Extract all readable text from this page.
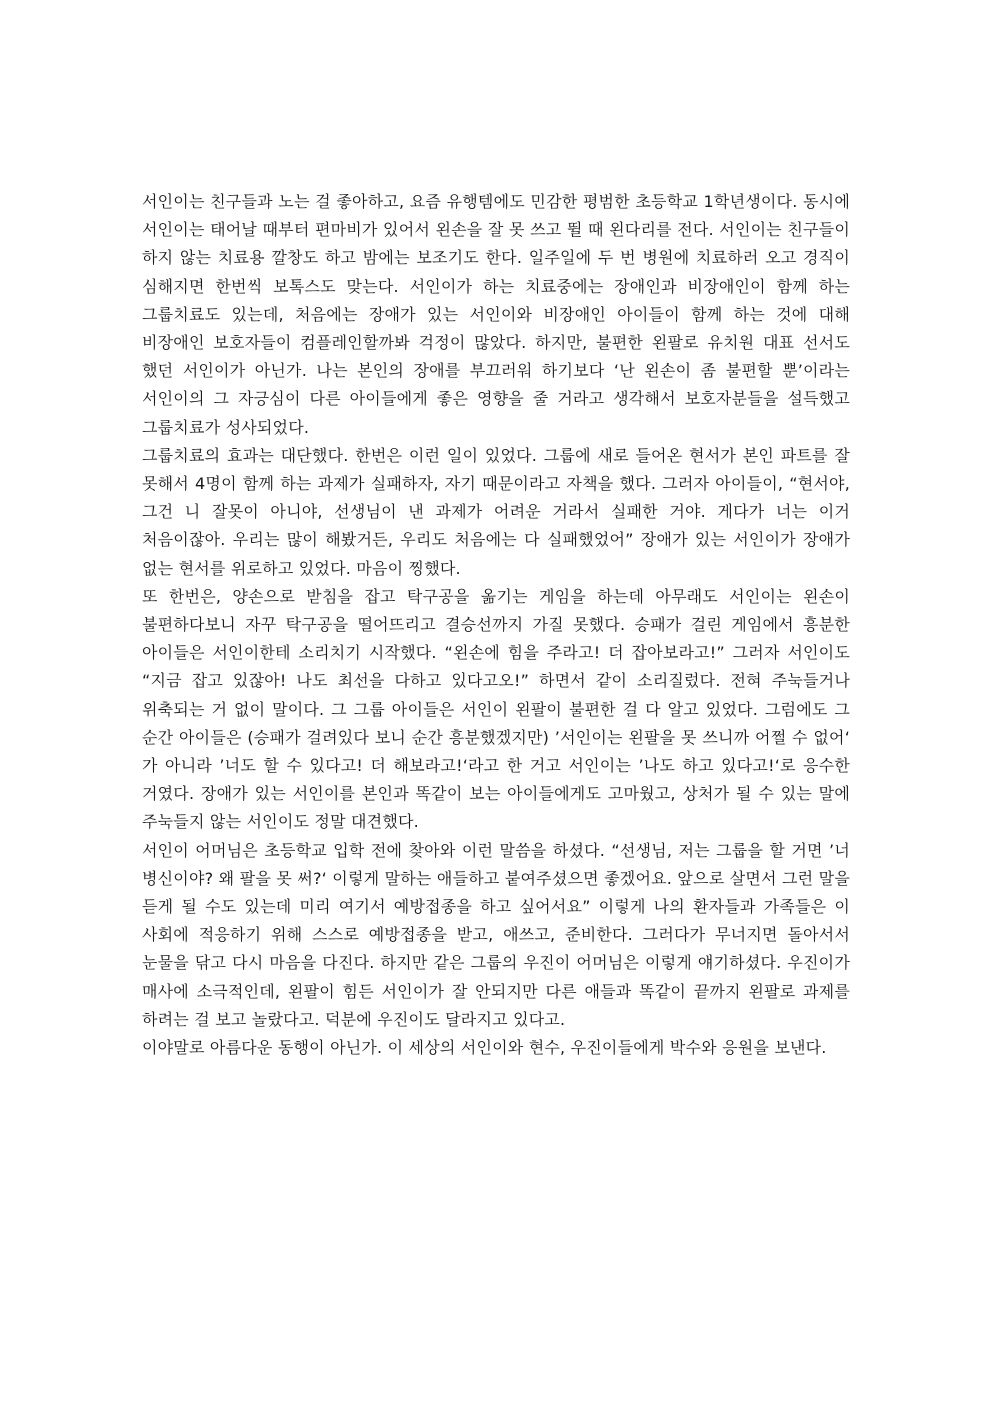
서인이는 친구들과 노는 걸 좋아하고, 요즘 유행템에도 민감한 평범한 초등학교 1학년생이다. 동시에 서인이는 태어날 때부터 편마비가 있어서 왼손을 잘 못 쓰고 뛸 때 왼다리를 전다. 서인이는 친구들이 하지 않는 치료용 깔창도 하고 밤에는 보조기도 한다. 일주일에 두 번 병원에 치료하러 오고 경직이 심해지면 한번씩 보톡스도 맞는다. 서인이가 하는 치료중에는 장애인과 비장애인이 함께 하는 그룹치료도 있는데, 처음에는 장애가 있는 서인이와 비장애인 아이들이 함께 하는 것에 대해 비장애인 보호자들이 컴플레인할까봐 걱정이 많았다. 하지만, 불편한 왼팔로 유치원 대표 선서도 했던 서인이가 아닌가. 나는 본인의 장애를 부끄러워 하기보다 ‘난 왼손이 좀 불편할 뿐’이라는 서인이의 그 자긍심이 다른 아이들에게 좋은 영향을 줄 거라고 생각해서 보호자분들을 설득했고 그룹치료가 성사되었다.

그룹치료의 효과는 대단했다. 한번은 이런 일이 있었다. 그룹에 새로 들어온 현서가 본인 파트를 잘 못해서 4명이 함께 하는 과제가 실패하자, 자기 때문이라고 자책을 했다. 그러자 아이들이, “현서야, 그건 니 잘못이 아니야, 선생님이 낸 과제가 어려운 거라서 실패한 거야. 게다가 너는 이거 처음이잖아. 우리는 많이 해봤거든, 우리도 처음에는 다 실패했었어” 장애가 있는 서인이가 장애가 없는 현서를 위로하고 있었다. 마음이 찡했다.

또 한번은, 양손으로 받침을 잡고 탁구공을 옮기는 게임을 하는데 아무래도 서인이는 왼손이 불편하다보니 자꾸 탁구공을 떨어뜨리고 결승선까지 가질 못했다. 승패가 걸린 게임에서 흥분한 아이들은 서인이한테 소리치기 시작했다. “왼손에 힘을 주라고! 더 잡아보라고!” 그러자 서인이도 “지금 잡고 있잖아! 나도 최선을 다하고 있다고오!” 하면서 같이 소리질렀다. 전혀 주눅들거나 위축되는 거 없이 말이다. 그 그룹 아이들은 서인이 왼팔이 불편한 걸 다 알고 있었다. 그럼에도 그 순간 아이들은 (승패가 걸려있다 보니 순간 흥분했겠지만) ’서인이는 왼팔을 못 쓰니까 어쩔 수 없어‘ 가 아니라 ’너도 할 수 있다고! 더 해보라고!‘라고 한 거고 서인이는 ’나도 하고 있다고!‘로 응수한 거였다. 장애가 있는 서인이를 본인과 똑같이 보는 아이들에게도 고마웠고, 상처가 될 수 있는 말에 주눅들지 않는 서인이도 정말 대견했다.

서인이 어머님은 초등학교 입학 전에 찾아와 이런 말씀을 하셨다. “선생님, 저는 그룹을 할 거면 ’너 병신이야? 왜 팔을 못 써?‘ 이렇게 말하는 애들하고 붙여주셨으면 좋겠어요. 앞으로 살면서 그런 말을 듣게 될 수도 있는데 미리 여기서 예방접종을 하고 싶어서요” 이렇게 나의 환자들과 가족들은 이 사회에 적응하기 위해 스스로 예방접종을 받고, 애쓰고, 준비한다. 그러다가 무너지면 돌아서서 눈물을 닦고 다시 마음을 다진다. 하지만 같은 그룹의 우진이 어머님은 이렇게 얘기하셨다. 우진이가 매사에 소극적인데, 왼팔이 힘든 서인이가 잘 안되지만 다른 애들과 똑같이 끝까지 왼팔로 과제를 하려는 걸 보고 놀랐다고. 덕분에 우진이도 달라지고 있다고.

이야말로 아름다운 동행이 아닌가. 이 세상의 서인이와 현수, 우진이들에게 박수와 응원을 보낸다.
